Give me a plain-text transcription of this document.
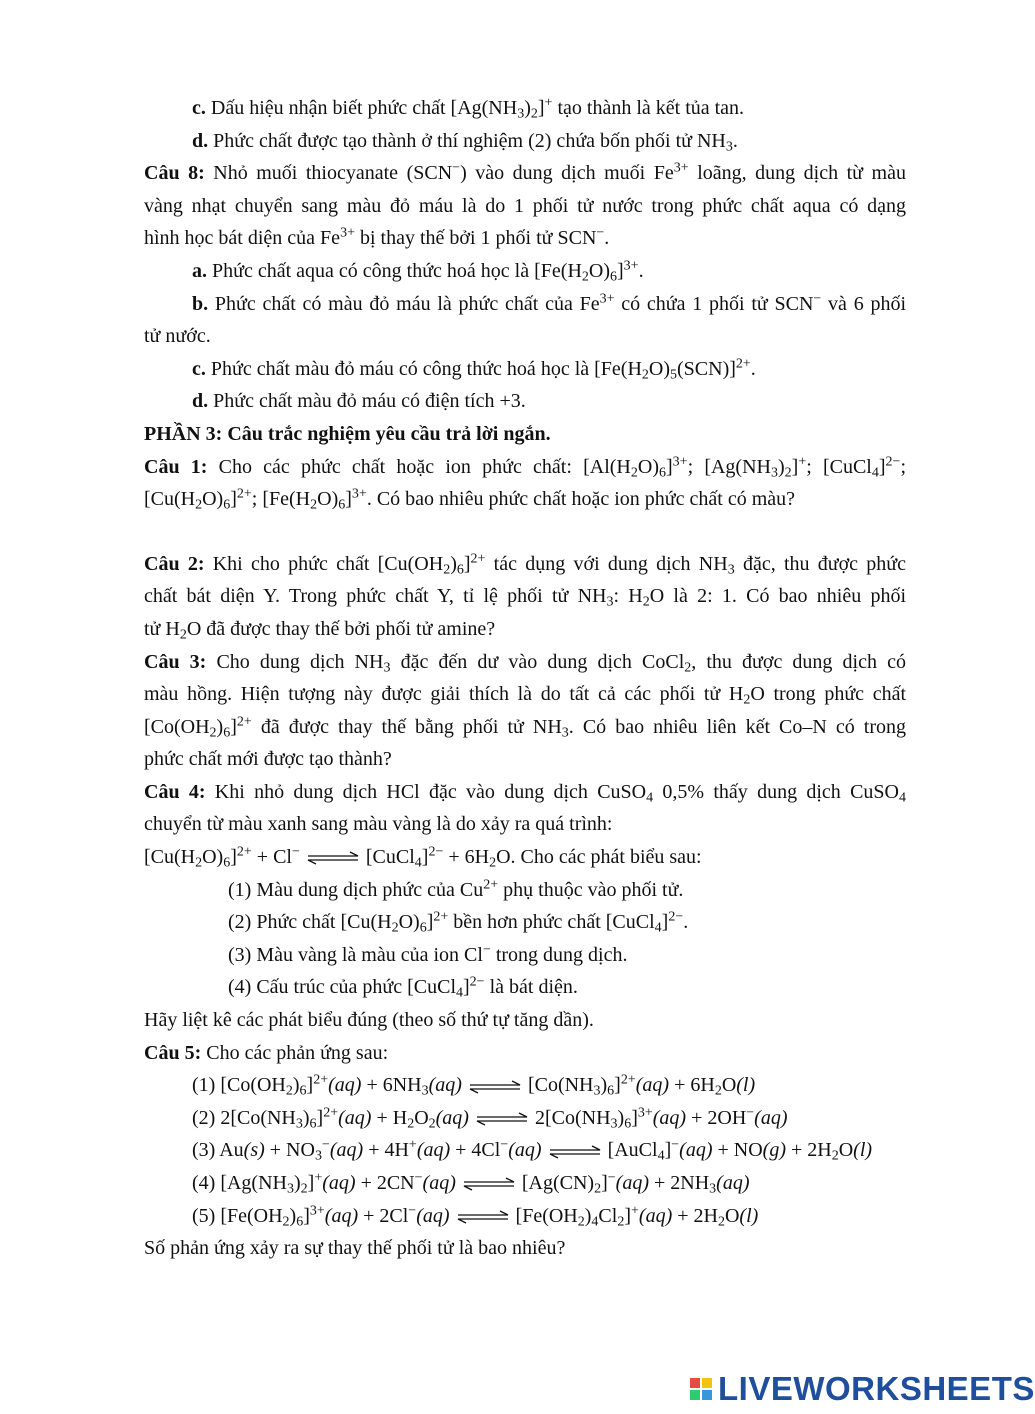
c. Dấu hiệu nhận biết phức chất $[Ag(NH_3)_2]^+$ tạo thành là kết tủa tan.

d. Phức chất được tạo thành ở thí nghiệm (2) chứa bốn phối tử $NH_3$.

Câu 8: Nhỏ muối thiocyanate (SCN−) vào dung dịch muối $Fe^{3+}$ loãng, dung dịch từ màu

vàng nhạt chuyển sang màu đỏ máu là do 1 phối tử nước trong phức chất aqua có dạng

hình học bát diện của $Fe^{3+}$ bị thay thế bởi 1 phối tử SCN−.

a. Phức chất aqua có công thức hoá học là $[Fe(H_2O)_6]^{3+}$.

b. Phức chất có màu đỏ máu là phức chất của $Fe^{3+}$ có chứa 1 phối tử SCN− và 6 phối

tử nước.

c. Phức chất màu đỏ máu có công thức hoá học là $[Fe(H_2O)_5(SCN)]^{2+}$.

d. Phức chất màu đỏ máu có điện tích +3.

PHẦN 3: Câu trắc nghiệm yêu cầu trả lời ngắn.

Câu 1: Cho các phức chất hoặc ion phức chất: $[Al(H_2O)_6]^{3+}$; $[Ag(NH_3)_2]^+$; [CuCl$_4$]$^{2-}$;

$[Cu(H_2O)_6]^{2+}$; $[Fe(H_2O)_6]^{3+}$. Có bao nhiêu phức chất hoặc ion phức chất có màu?

Câu 2: Khi cho phức chất $[Cu(OH_2)_6]^{2+}$ tác dụng với dung dịch $NH_3$ đặc, thu được phức

chất bát diện Y. Trong phức chất Y, tỉ lệ phối tử $NH_3$: $H_2O$ là 2: 1. Có bao nhiêu phối

tử $H_2O$ đã được thay thế bởi phối tử amine?

Câu 3: Cho dung dịch $NH_3$ đặc đến dư vào dung dịch CoCl$_2$, thu được dung dịch có

màu hồng. Hiện tượng này được giải thích là do tất cả các phối tử $H_2O$ trong phức chất

$[Co(OH_2)_6]^{2+}$ đã được thay thế bằng phối tử $NH_3$. Có bao nhiêu liên kết Co–N có trong

phức chất mới được tạo thành?

Câu 4: Khi nhỏ dung dịch HCl đặc vào dung dịch CuSO$_4$ 0,5% thấy dung dịch CuSO$_4$

chuyển từ màu xanh sang màu vàng là do xảy ra quá trình:

$[Cu(H_2O)_6]^{2+} + Cl^-$ ⇌ [CuCl$_4$]$^{2-}$ + $6H_2O$. Cho các phát biểu sau:

(1) Màu dung dịch phức của $Cu^{2+}$ phụ thuộc vào phối tử.

(2) Phức chất $[Cu(H_2O)_6]^{2+}$ bền hơn phức chất [CuCl$_4$]$^{2-}$.

(3) Màu vàng là màu của ion Cl− trong dung dịch.

(4) Cấu trúc của phức [CuCl$_4$]$^{2-}$ là bát diện.

Hãy liệt kê các phát biểu đúng (theo số thứ tự tăng dần).

Câu 5: Cho các phản ứng sau:

(1) $[Co(OH_2)_6]^{2+}(aq) + 6NH_3(aq)$ ⇌ $[Co(NH_3)_6]^{2+}(aq) + 6H_2O(l)$

(2) $2[Co(NH_3)_6]^{2+}(aq) + H_2O_2(aq)$ ⇌ $2[Co(NH_3)_6]^{3+}(aq) + 2OH^-(aq)$

(3) $Au(s) + NO_3^-(aq) + 4H^+(aq) + 4Cl^-(aq)$ ⇌ [AuCl$_4$]−(aq) + $NO(g) + 2H_2O(l)$

(4) $[Ag(NH_3)_2]^+(aq) + 2CN^-(aq)$ ⇌ $[Ag(CN)_2]^-(aq) + 2NH_3(aq)$

(5) $[Fe(OH_2)_6]^{3+}(aq) + 2Cl^-(aq)$ ⇌ $[Fe(OH_2)_4Cl_2]^+(aq) + 2H_2O(l)$

Số phản ứng xảy ra sự thay thế phối tử là bao nhiêu?

LIVEWORKSHEETS
